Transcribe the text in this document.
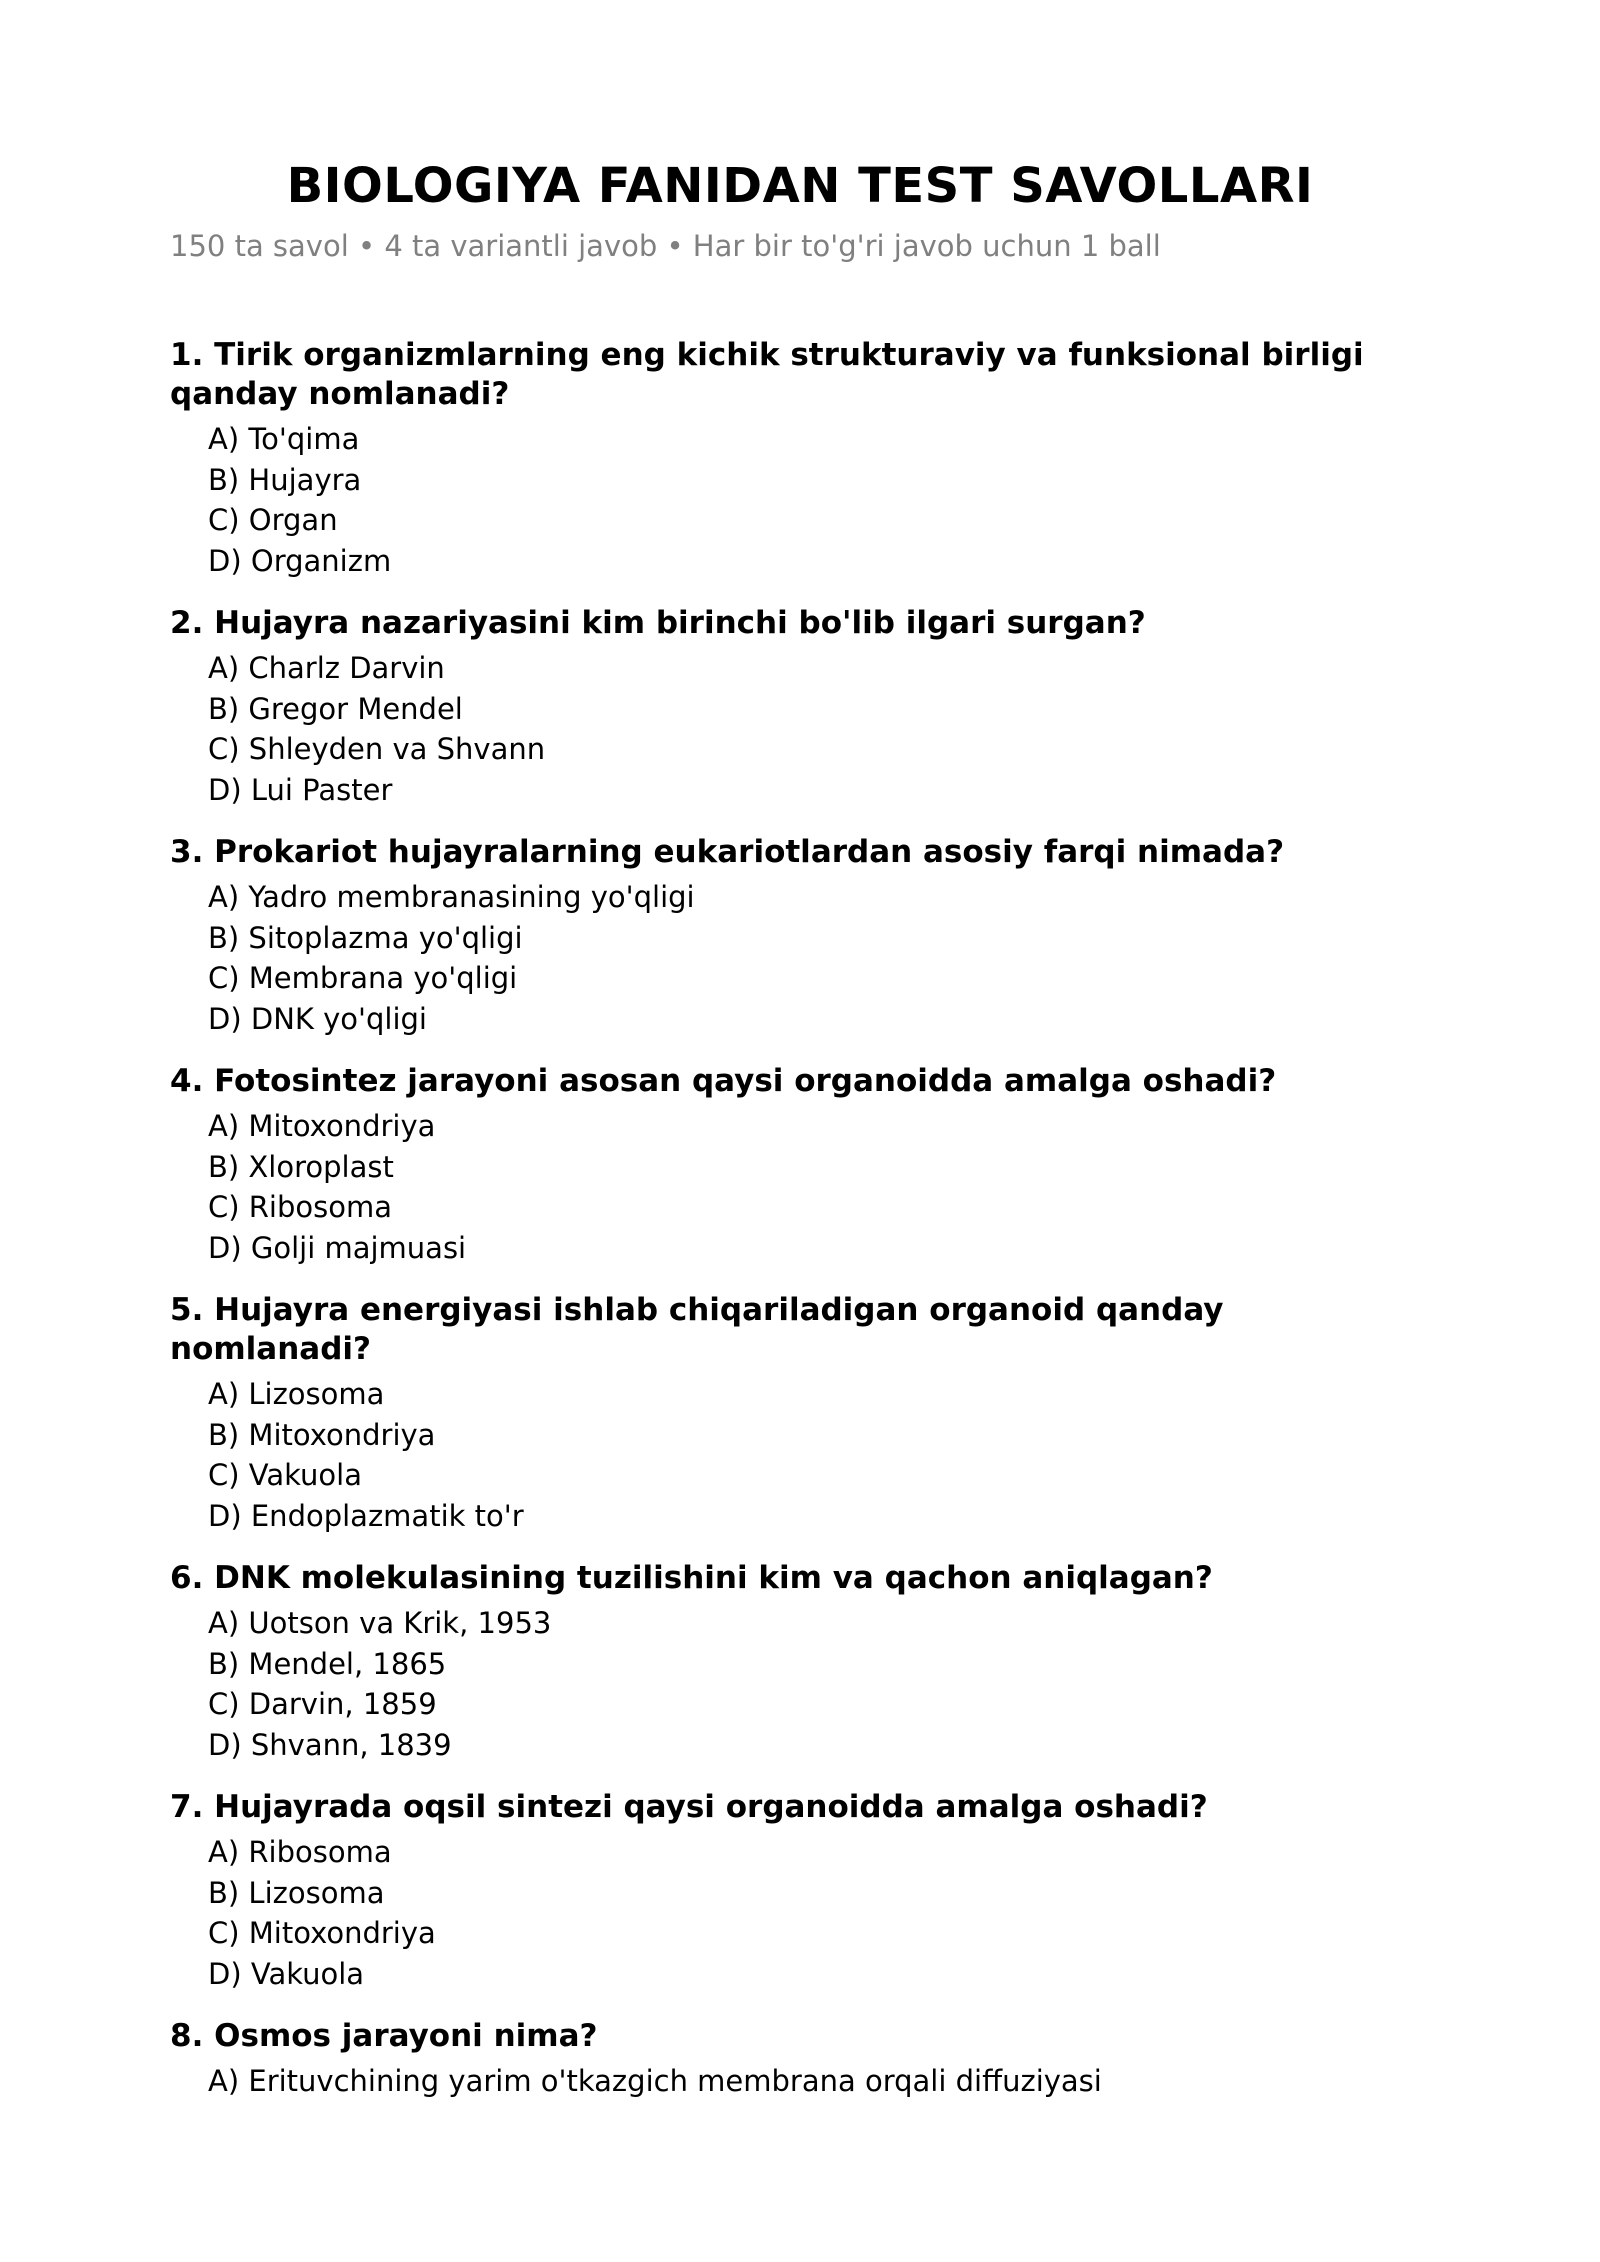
BIOLOGIYA FANIDAN TEST SAVOLLARI
150 ta savol • 4 ta variantli javob • Har bir to'g'ri javob uchun 1 ball
1. Tirik organizmlarning eng kichik strukturaviy va funksional birligi qanday nomlanadi?
A) To'qima
B) Hujayra
C) Organ
D) Organizm
2. Hujayra nazariyasini kim birinchi bo'lib ilgari surgan?
A) Charlz Darvin
B) Gregor Mendel
C) Shleyden va Shvann
D) Lui Paster
3. Prokariot hujayralarning eukariotlardan asosiy farqi nimada?
A) Yadro membranasining yo'qligi
B) Sitoplazma yo'qligi
C) Membrana yo'qligi
D) DNK yo'qligi
4. Fotosintez jarayoni asosan qaysi organoidda amalga oshadi?
A) Mitoxondriya
B) Xloroplast
C) Ribosoma
D) Golji majmuasi
5. Hujayra energiyasi ishlab chiqariladigan organoid qanday nomlanadi?
A) Lizosoma
B) Mitoxondriya
C) Vakuola
D) Endoplazmatik to'r
6. DNK molekulasining tuzilishini kim va qachon aniqlagan?
A) Uotson va Krik, 1953
B) Mendel, 1865
C) Darvin, 1859
D) Shvann, 1839
7. Hujayrada oqsil sintezi qaysi organoidda amalga oshadi?
A) Ribosoma
B) Lizosoma
C) Mitoxondriya
D) Vakuola
8. Osmos jarayoni nima?
A) Erituvchining yarim o'tkazgich membrana orqali diffuziyasi
